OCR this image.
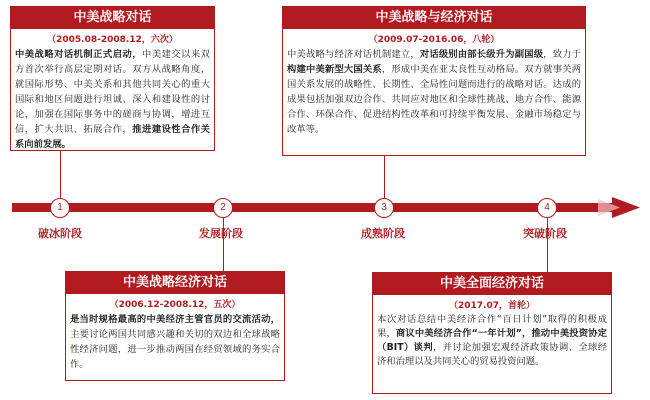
1	2	3	4
破冰阶段	发展阶段	成熟阶段	突破阶段
中美战略对话
（2005.08-2008.12，六次）
中美战略对话机制正式启动，中美建交以来双方首次举行高层定期对话。双方从战略角度，就国际形势、中美关系和其他共同关心的重大国际和地区问题进行坦诚、深入和建设性的讨论，加强在国际事务中的磋商与协调，增进互信，扩大共识、拓展合作，推进建设性合作关系向前发展。
中美战略与经济对话
（2009.07-2016.06，八轮）
中美战略与经济对话机制建立，对话级别由部长级升为副国级，致力于构建中美新型大国关系，形成中美在亚太良性互动格局。双方就事关两国关系发展的战略性、长期性、全局性问题而进行的战略对话。达成的成果包括加强双边合作、共同应对地区和全球性挑战、地方合作、能源合作、环保合作、促进结构性改革和可持续平衡发展、金融市场稳定与改革等。
中美战略经济对话
（2006.12-2008.12，五次）
是当时规格最高的中美经济主管官员的交流活动，主要讨论两国共同感兴趣和关切的双边和全球战略性经济问题，进一步推动两国在经贸领域的务实合作。
中美全面经济对话
（2017.07，首轮）
本次对话总结中美经济合作“百日计划”取得的积极成果，商议中美经济合作“一年计划”，推动中美投资协定（BIT）谈判，并讨论加强宏观经济政策协调、全球经济和治理以及共同关心的贸易投资问题。
